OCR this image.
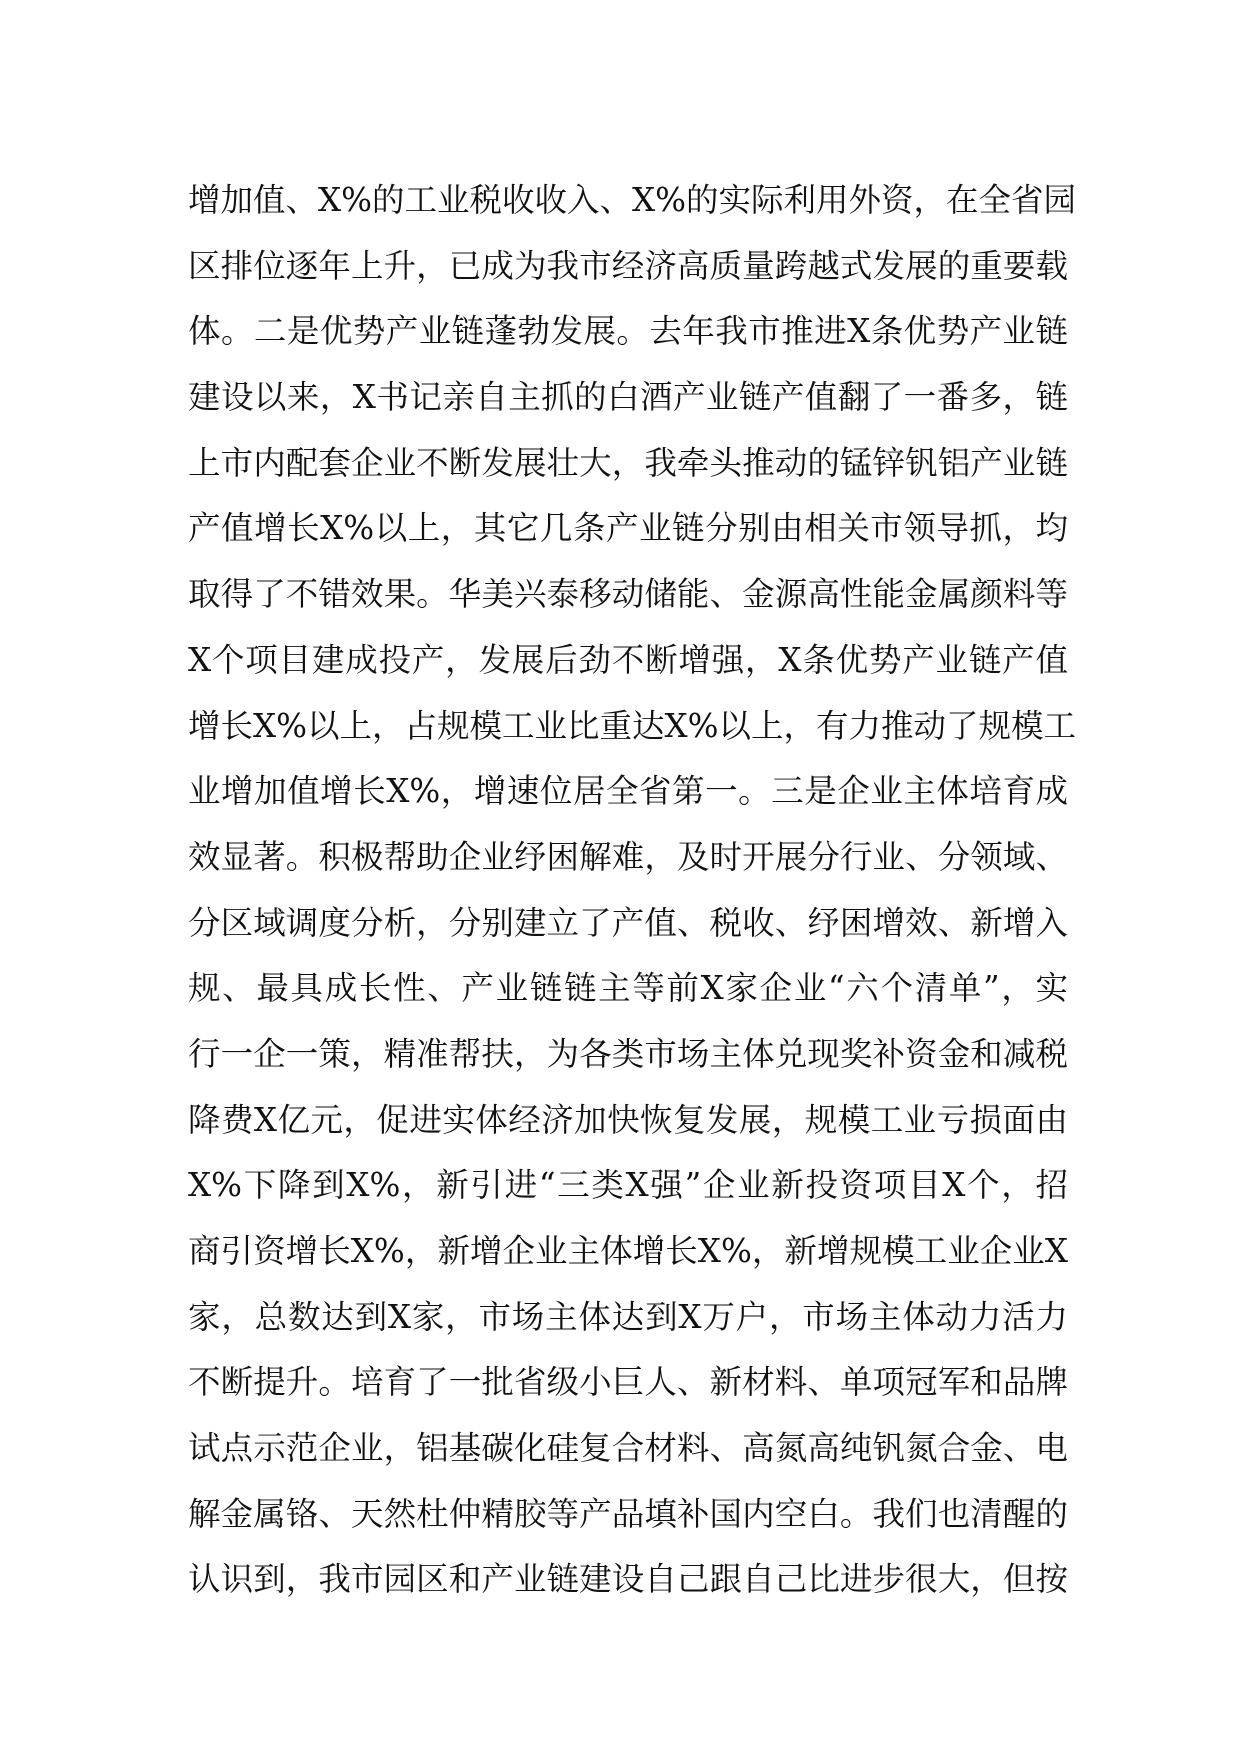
增加值、X%的工业税收收入、X%的实际利用外资，在全省园
区排位逐年上升，已成为我市经济高质量跨越式发展的重要载
体。二是优势产业链蓬勃发展。去年我市推进X条优势产业链
建设以来，X书记亲自主抓的白酒产业链产值翻了一番多，链
上市内配套企业不断发展壮大，我牵头推动的锰锌钒铝产业链
产值增长X%以上，其它几条产业链分别由相关市领导抓，均
取得了不错效果。华美兴泰移动储能、金源高性能金属颜料等
X个项目建成投产，发展后劲不断增强，X条优势产业链产值
增长X%以上，占规模工业比重达X%以上，有力推动了规模工
业增加值增长X%，增速位居全省第一。三是企业主体培育成
效显著。积极帮助企业纾困解难，及时开展分行业、分领域、
分区域调度分析，分别建立了产值、税收、纾困增效、新增入
规、最具成长性、产业链链主等前X家企业“六个清单”，实
行一企一策，精准帮扶，为各类市场主体兑现奖补资金和减税
降费X亿元，促进实体经济加快恢复发展，规模工业亏损面由
X%下降到X%，新引进“三类X强”企业新投资项目X个，招
商引资增长X%，新增企业主体增长X%，新增规模工业企业X
家，总数达到X家，市场主体达到X万户，市场主体动力活力
不断提升。培育了一批省级小巨人、新材料、单项冠军和品牌
试点示范企业，铝基碳化硅复合材料、高氮高纯钒氮合金、电
解金属铬、天然杜仲精胶等产品填补国内空白。我们也清醒的
认识到，我市园区和产业链建设自己跟自己比进步很大，但按
